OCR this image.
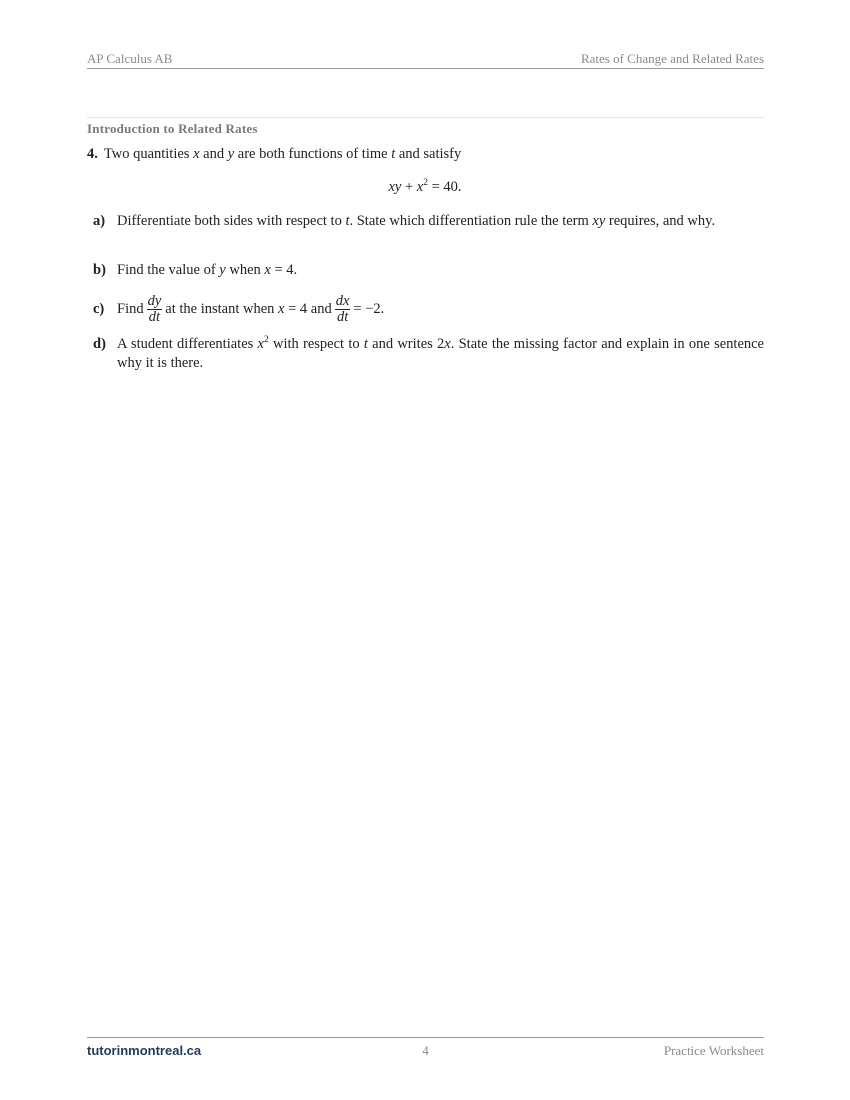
AP Calculus AB	Rates of Change and Related Rates
Introduction to Related Rates
4. Two quantities x and y are both functions of time t and satisfy
xy + $x^2 = 40$.
a) Differentiate both sides with respect to t. State which differentiation rule the term xy requires, and why.
b) Find the value of y when x = 4.
c) Find $\frac{dy}{dt}$ at the instant when x = 4 and $\frac{dx}{dt} = -2$.
d) A student differentiates $x^2$ with respect to t and writes 2x. State the missing factor and explain in one sentence why it is there.
tutorinmontreal.ca	4	Practice Worksheet
